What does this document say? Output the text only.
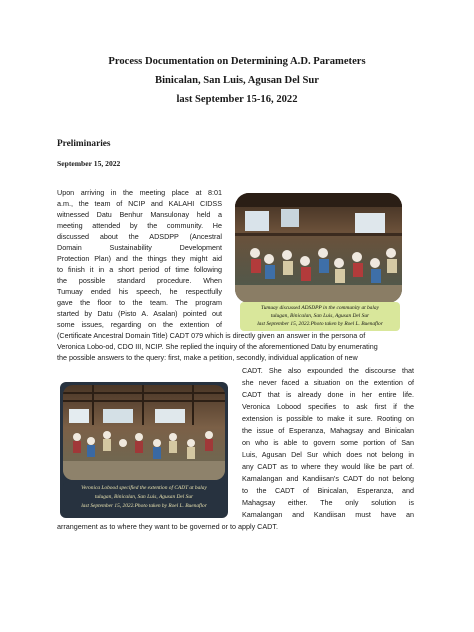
Process Documentation on Determining A.D. Parameters
Binicalan, San Luis, Agusan Del Sur
last September 15-16, 2022
Preliminaries
September 15, 2022
Upon arriving in the meeting place at 8:01
a.m., the team of NCIP and KALAHI CIDSS
witnessed Datu Benhur Mansulonay held a
meeting attended by the community. He
discussed about the ADSDPP (Ancestral
Domain Sustainability Development
Protection Plan) and the things they might aid
to finish it in a short period of time following
the possible standard procedure. When
Tumuay ended his speech, he respectfully
gave the floor to the team. The program
started by Datu (Pisto A. Asalan) pointed out
some issues, regarding on the extention of
(Certificate Ancestral Domain Title) CADT 079 which is directly given an answer in the persona of
Veronica Lobo-od, CDO III, NCIP. She replied the inquiry of the aforementioned Datu by enumerating
the possible answers to the query: first, make a petition, secondly, individual application of new
CADT. She also expounded the discourse that
she never faced a situation on the extention of
CADT that is already done in her entire life.
Veronica Lobood specifies to ask first if the
extension is possible to make it sure. Rooting on
the issue of Esperanza, Mahagsay and Binicalan
on who is able to govern some portion of San
Luis, Agusan Del Sur which does not belong in
any CADT as to where they would like be part of.
Kamalangan and Kandiisan's CADT do not belong
to the CADT of Binicalan, Esperanza, and
Mahagsay either. The only solution is
Kamalangan and Kandiisan must have an
arrangement as to where they want to be governed or to apply CADT.
Tumuay discussed ADSDPP in the community at balay
tulugan, Binicalan, San Luis, Agusan Del Sur
last September 15, 2022.Photo taken by Roel L. Buenaflor
Veronica Lobood specified the extention of CADT at balay
tulugan, Binicalan, San Luis, Agusan Del Sur
last September 15, 2022.Photo taken by Roel L. Buenaflor
